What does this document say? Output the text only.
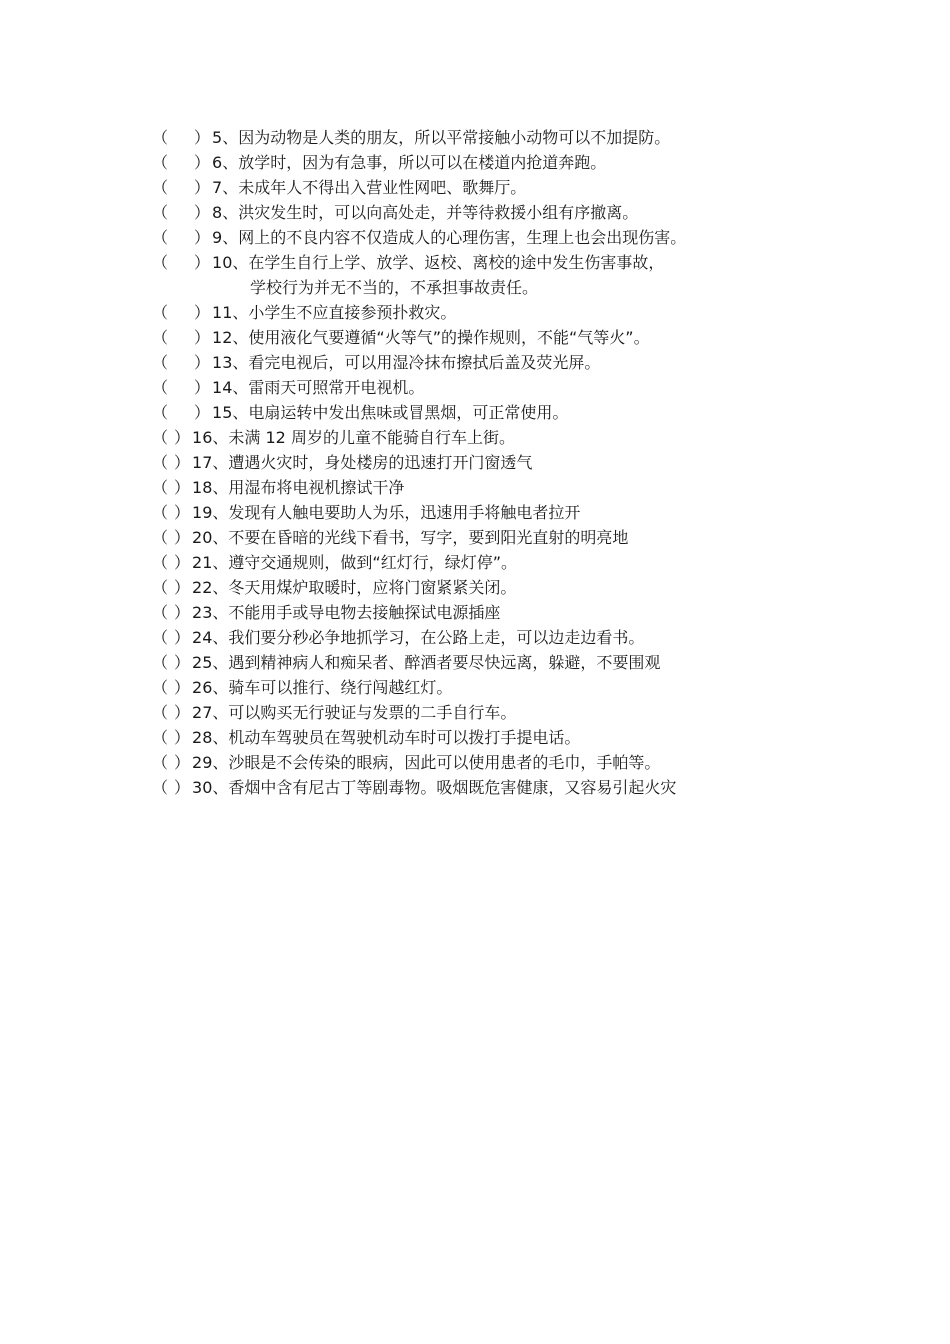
（ ） 5、 因为动物是人类的朋友，所以平常接触小动物可以不加提防。
（ ） 6、 放学时，因为有急事，所以可以在楼道内抢道奔跑。
（ ） 7、 未成年人不得出入营业性网吧、歌舞厅。
（ ） 8、 洪灾发生时，可以向高处走，并等待救援小组有序撤离。
（ ） 9、 网上的不良内容不仅造成人的心理伤害，生理上也会出现伤害。
（ ） 10、 在学生自行上学、放学、返校、离校的途中发生伤害事故，
学校行为并无不当的，不承担事故责任。
（ ） 11、 小学生不应直接参预扑救灾。
（ ） 12、 使用液化气要遵循“火等气”的操作规则，不能“气等火”。
（ ） 13、 看完电视后，可以用湿冷抹布擦拭后盖及荧光屏。
（ ） 14、 雷雨天可照常开电视机。
（ ） 15、 电扇运转中发出焦味或冒黑烟，可正常使用。
（ ） 16、 未满 12 周岁的儿童不能骑自行车上街。
（ ） 17、 遭遇火灾时，身处楼房的迅速打开门窗透气
（ ） 18、 用湿布将电视机擦试干净
（ ） 19、 发现有人触电要助人为乐，迅速用手将触电者拉开
（ ） 20、 不要在昏暗的光线下看书，写字，要到阳光直射的明亮地
（ ） 21、 遵守交通规则，做到“红灯行，绿灯停”。
（ ） 22、 冬天用煤炉取暖时，应将门窗紧紧关闭。
（ ） 23、 不能用手或导电物去接触探试电源插座
（ ） 24、 我们要分秒必争地抓学习，在公路上走，可以边走边看书。
（ ） 25、 遇到精神病人和痴呆者、醉酒者要尽快远离，躲避，不要围观
（ ） 26、 骑车可以推行、绕行闯越红灯。
（ ） 27、 可以购买无行驶证与发票的二手自行车。
（ ） 28、 机动车驾驶员在驾驶机动车时可以拨打手提电话。
（ ） 29、 沙眼是不会传染的眼病，因此可以使用患者的毛巾，手帕等。
（ ） 30、 香烟中含有尼古丁等剧毒物。吸烟既危害健康，又容易引起火灾
